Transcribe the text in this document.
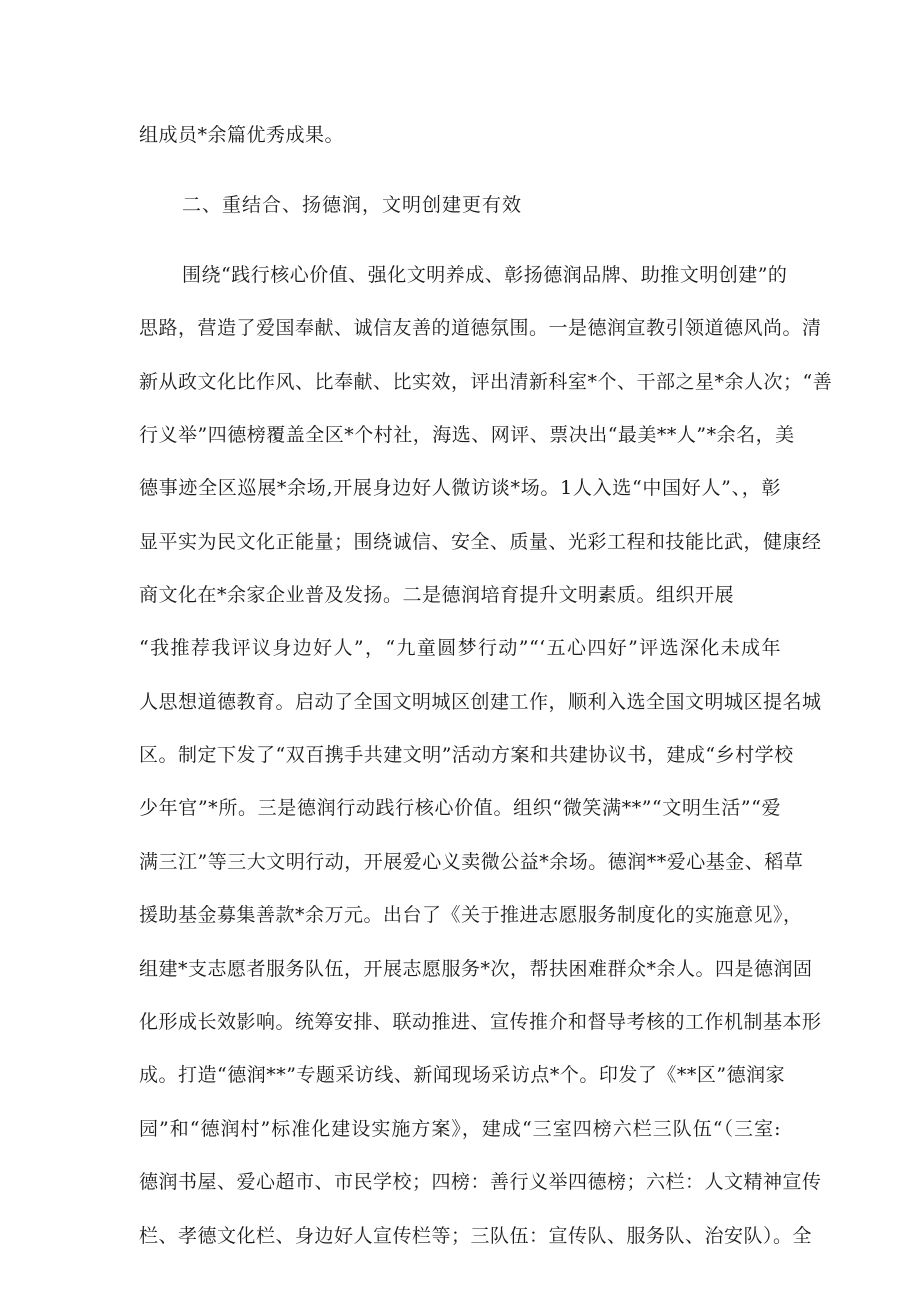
组成员*余篇优秀成果。
二、重结合、扬德润，文明创建更有效
围绕“践行核心价值、强化文明养成、彰扬德润品牌、助推文明创建”的
思路，营造了爱国奉献、诚信友善的道德氛围。一是德润宣教引领道德风尚。清
新从政文化比作风、比奉献、比实效，评出清新科室*个、干部之星*余人次；“善
行义举”四德榜覆盖全区*个村社，海选、网评、票决出“最美**人”*余名，美
德事迹全区巡展*余场,开展身边好人微访谈*场。1人入选“中国好人”、，彰
显平实为民文化正能量；围绕诚信、安全、质量、光彩工程和技能比武，健康经
商文化在*余家企业普及发扬。二是德润培育提升文明素质。组织开展
“我推荐我评议身边好人”，“九童圆梦行动”“‘五心四好”评选深化未成年
人思想道德教育。启动了全国文明城区创建工作，顺利入选全国文明城区提名城
区。制定下发了“双百携手共建文明”活动方案和共建协议书，建成“乡村学校
少年官”*所。三是德润行动践行核心价值。组织“微笑满**”“文明生活”“爱
满三江”等三大文明行动，开展爱心义卖微公益*余场。德润**爱心基金、稻草
援助基金募集善款*余万元。出台了《关于推进志愿服务制度化的实施意见》，
组建*支志愿者服务队伍，开展志愿服务*次，帮扶困难群众*余人。四是德润固
化形成长效影响。统筹安排、联动推进、宣传推介和督导考核的工作机制基本形
成。打造“德润**”专题采访线、新闻现场采访点*个。印发了《**区”德润家
园”和“德润村”标准化建设实施方案》，建成“三室四榜六栏三队伍“（三室:
德润书屋、爱心超市、市民学校；四榜：善行义举四德榜；六栏：人文精神宣传
栏、孝德文化栏、身边好人宣传栏等；三队伍：宣传队、服务队、治安队）。全
